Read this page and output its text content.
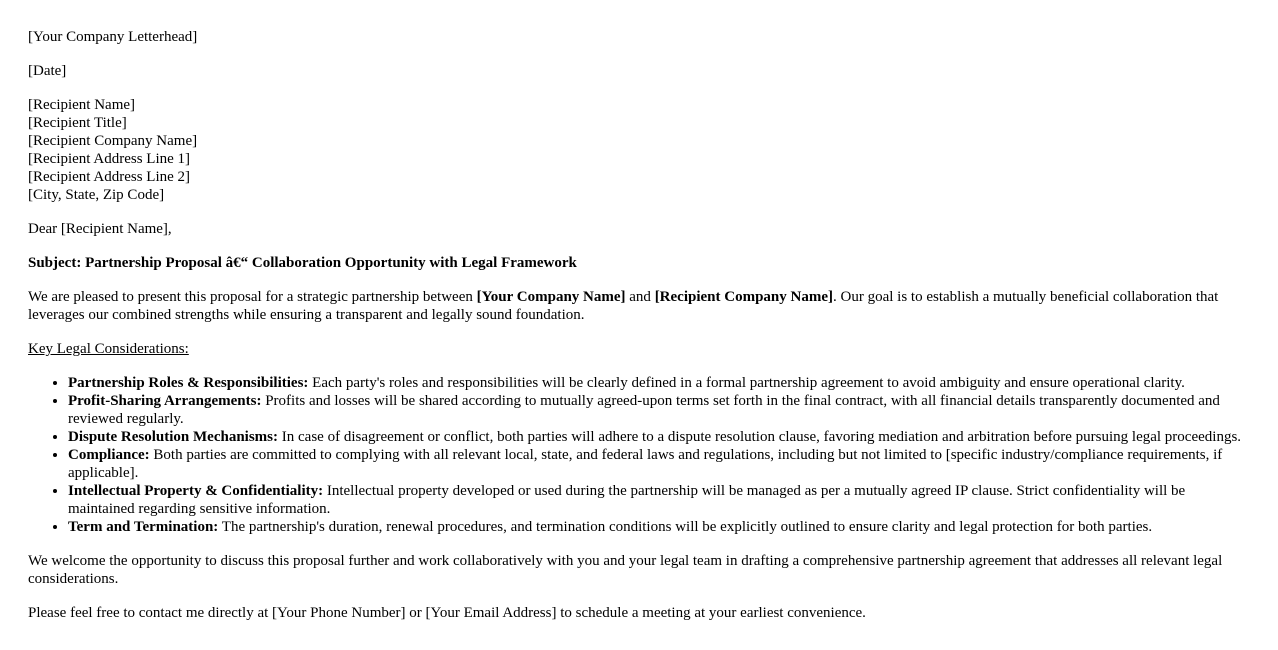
[Your Company Letterhead]

[Date]

[Recipient Name]
[Recipient Title]
[Recipient Company Name]
[Recipient Address Line 1]
[Recipient Address Line 2]
[City, State, Zip Code]

Dear [Recipient Name],

Subject: Partnership Proposal â€“ Collaboration Opportunity with Legal Framework

We are pleased to present this proposal for a strategic partnership between [Your Company Name] and [Recipient Company Name]. Our goal is to establish a mutually beneficial collaboration that leverages our combined strengths while ensuring a transparent and legally sound foundation.

Key Legal Considerations:

• Partnership Roles & Responsibilities: Each party's roles and responsibilities will be clearly defined in a formal partnership agreement to avoid ambiguity and ensure operational clarity.
• Profit-Sharing Arrangements: Profits and losses will be shared according to mutually agreed-upon terms set forth in the final contract, with all financial details transparently documented and reviewed regularly.
• Dispute Resolution Mechanisms: In case of disagreement or conflict, both parties will adhere to a dispute resolution clause, favoring mediation and arbitration before pursuing legal proceedings.
• Compliance: Both parties are committed to complying with all relevant local, state, and federal laws and regulations, including but not limited to [specific industry/compliance requirements, if applicable].
• Intellectual Property & Confidentiality: Intellectual property developed or used during the partnership will be managed as per a mutually agreed IP clause. Strict confidentiality will be maintained regarding sensitive information.
• Term and Termination: The partnership's duration, renewal procedures, and termination conditions will be explicitly outlined to ensure clarity and legal protection for both parties.

We welcome the opportunity to discuss this proposal further and work collaboratively with you and your legal team in drafting a comprehensive partnership agreement that addresses all relevant legal considerations.

Please feel free to contact me directly at [Your Phone Number] or [Your Email Address] to schedule a meeting at your earliest convenience.
